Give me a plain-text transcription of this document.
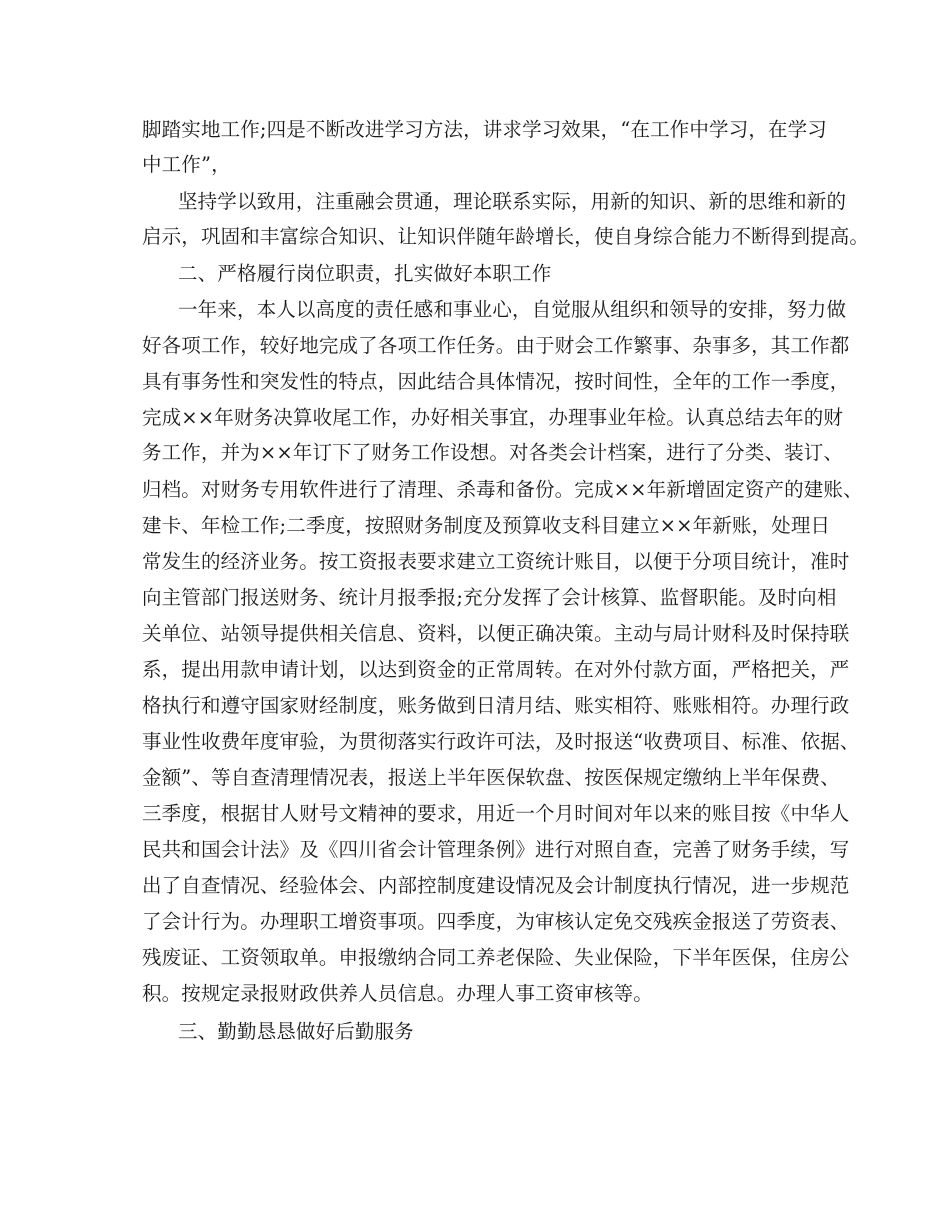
脚踏实地工作;四是不断改进学习方法，讲求学习效果，“在工作中学习，在学习
中工作”，
坚持学以致用，注重融会贯通，理论联系实际，用新的知识、新的思维和新的
启示，巩固和丰富综合知识、让知识伴随年龄增长，使自身综合能力不断得到提高。
二、严格履行岗位职责，扎实做好本职工作
一年来，本人以高度的责任感和事业心，自觉服从组织和领导的安排，努力做
好各项工作，较好地完成了各项工作任务。由于财会工作繁事、杂事多，其工作都
具有事务性和突发性的特点，因此结合具体情况，按时间性，全年的工作一季度，
完成××年财务决算收尾工作，办好相关事宜，办理事业年检。认真总结去年的财
务工作，并为××年订下了财务工作设想。对各类会计档案，进行了分类、装订、
归档。对财务专用软件进行了清理、杀毒和备份。完成××年新增固定资产的建账、
建卡、年检工作;二季度，按照财务制度及预算收支科目建立××年新账，处理日
常发生的经济业务。按工资报表要求建立工资统计账目，以便于分项目统计，准时
向主管部门报送财务、统计月报季报;充分发挥了会计核算、监督职能。及时向相
关单位、站领导提供相关信息、资料，以便正确决策。主动与局计财科及时保持联
系，提出用款申请计划，以达到资金的正常周转。在对外付款方面，严格把关，严
格执行和遵守国家财经制度，账务做到日清月结、账实相符、账账相符。办理行政
事业性收费年度审验，为贯彻落实行政许可法，及时报送“收费项目、标准、依据、
金额”、等自查清理情况表，报送上半年医保软盘、按医保规定缴纳上半年保费、
三季度，根据甘人财号文精神的要求，用近一个月时间对年以来的账目按《中华人
民共和国会计法》及《四川省会计管理条例》进行对照自查，完善了财务手续，写
出了自查情况、经验体会、内部控制度建设情况及会计制度执行情况，进一步规范
了会计行为。办理职工增资事项。四季度，为审核认定免交残疾金报送了劳资表、
残废证、工资领取单。申报缴纳合同工养老保险、失业保险，下半年医保，住房公
积。按规定录报财政供养人员信息。办理人事工资审核等。
三、勤勤恳恳做好后勤服务
